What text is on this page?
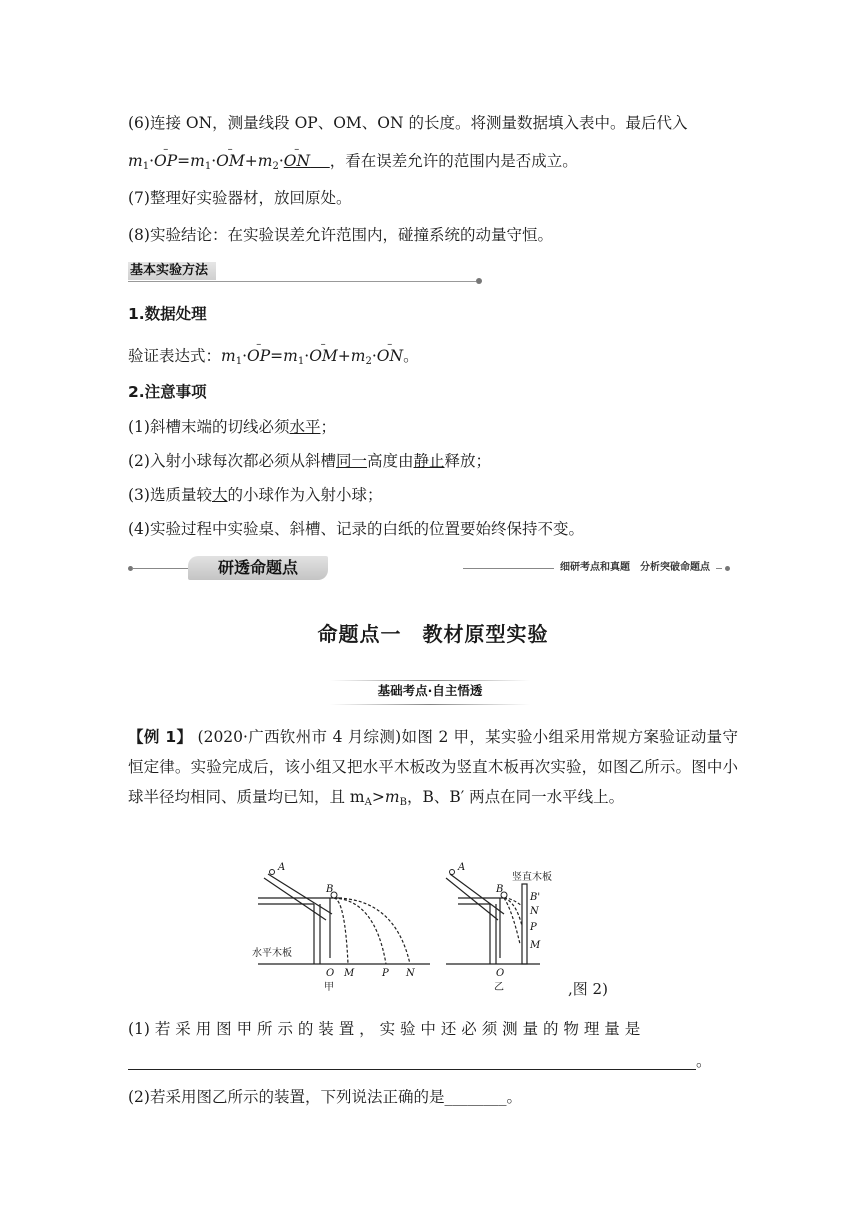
(6)连接 ON，测量线段 OP、OM、ON 的长度。将测量数据填入表中。最后代入
$m_1\cdot-$ $OP=m_1\cdot-$ $OM+m_2\cdot-$ ON ，看在误差允许的范围内是否成立。
(7)整理好实验器材，放回原处。
(8)实验结论：在实验误差允许范围内，碰撞系统的动量守恒。
基本实验方法
1.数据处理
验证表达式：$m_1\cdot-$ $OP=m_1\cdot-$ $OM+m_2\cdot-$ ON。
2.注意事项
(1)斜槽末端的切线必须水平；
(2)入射小球每次都必须从斜槽同一高度由静止释放；
(3)选质量较大的小球作为入射小球；
(4)实验过程中实验桌、斜槽、记录的白纸的位置要始终保持不变。
研透命题点	细研考点和真题　分析突破命题点
命题点一　教材原型实验
基础考点·自主悟透
【例 1】 (2020·广西钦州市 4 月综测)如图 2 甲，某实验小组采用常规方案验证动量守恒定律。实验完成后，该小组又把水平木板改为竖直木板再次实验，如图乙所示。图中小球半径均相同、质量均已知，且 $m_A>m_B$，B、B′ 两点在同一水平线上。
A
B
O M	P N
A
B
B'
N
P
M
O
水平木板
竖直木板
甲	乙	,图 2)
(1) 若 采 用 图 甲 所 示 的 装 置 ， 实 验 中 还 必 须 测 量 的 物 理 量 是
。
(2)若采用图乙所示的装置，下列说法正确的是________。
